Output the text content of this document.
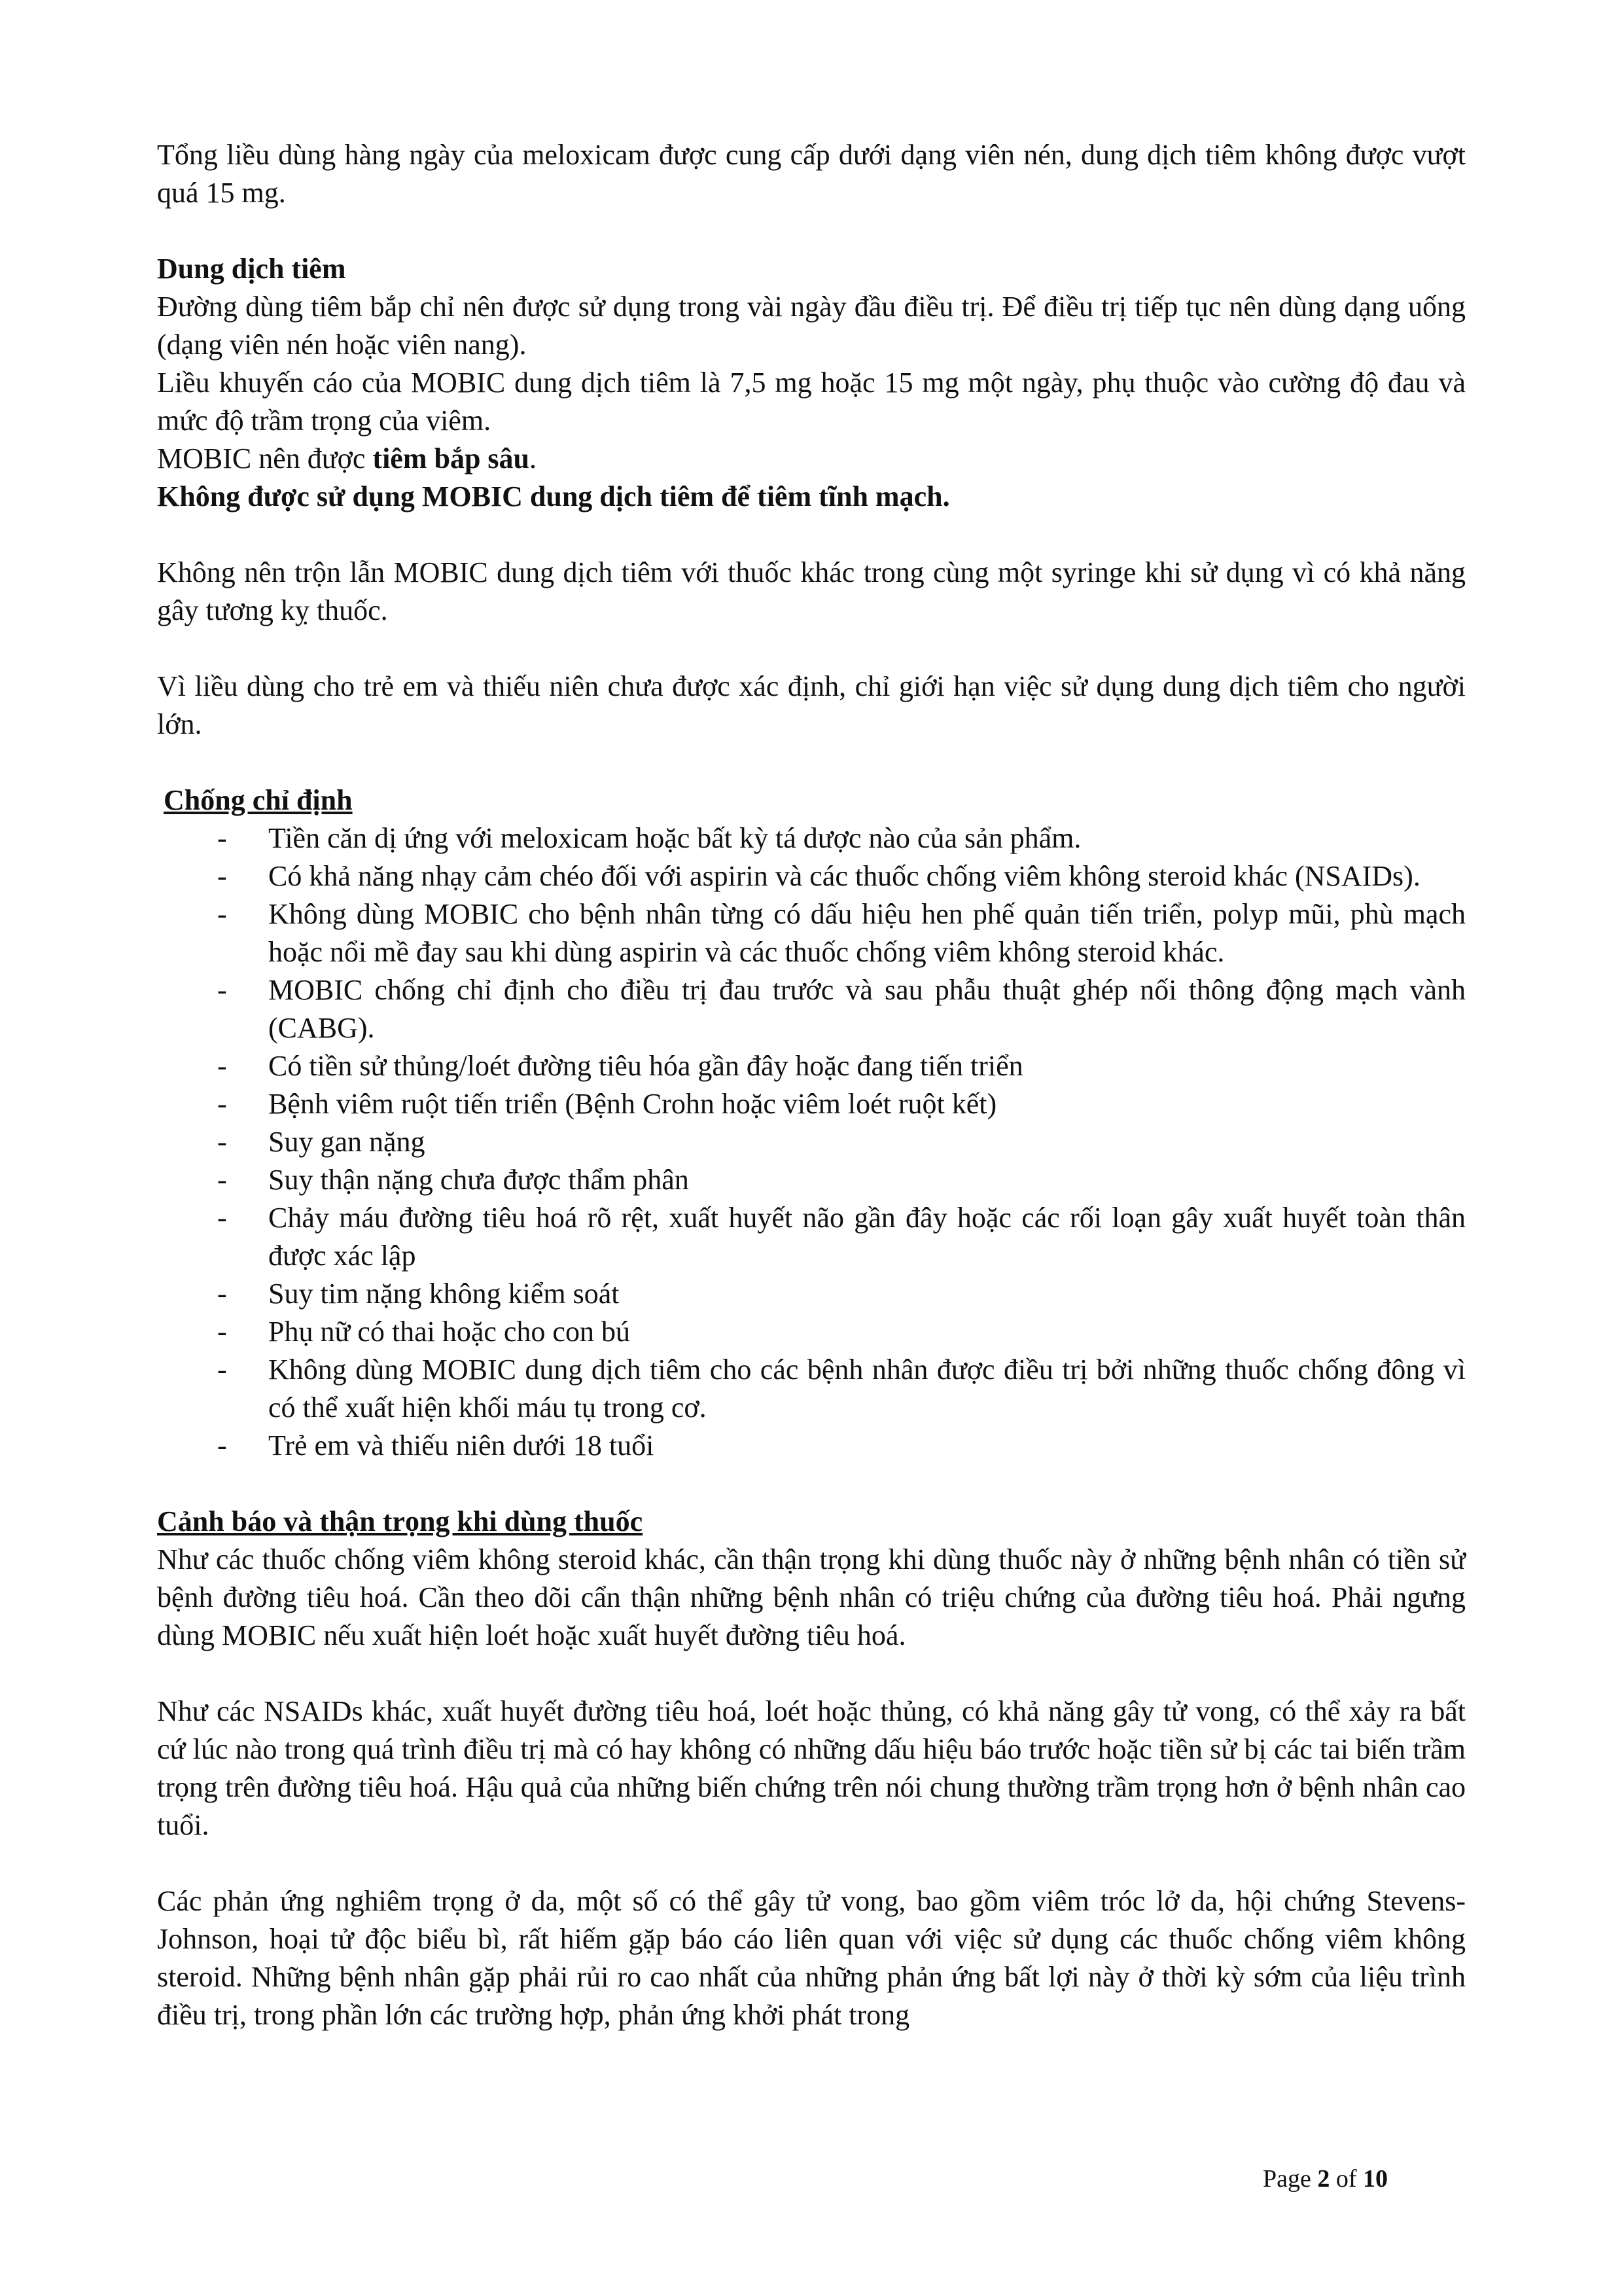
Tổng liều dùng hàng ngày của meloxicam được cung cấp dưới dạng viên nén, dung dịch tiêm không được vượt quá 15 mg.

Dung dịch tiêm

Đường dùng tiêm bắp chỉ nên được sử dụng trong vài ngày đầu điều trị. Để điều trị tiếp tục nên dùng dạng uống (dạng viên nén hoặc viên nang).

Liều khuyến cáo của MOBIC dung dịch tiêm là 7,5 mg hoặc 15 mg một ngày, phụ thuộc vào cường độ đau và mức độ trầm trọng của viêm.

MOBIC nên được tiêm bắp sâu.

Không được sử dụng MOBIC dung dịch tiêm để tiêm tĩnh mạch.

Không nên trộn lẫn MOBIC dung dịch tiêm với thuốc khác trong cùng một syringe khi sử dụng vì có khả năng gây tương kỵ thuốc.

Vì liều dùng cho trẻ em và thiếu niên chưa được xác định, chỉ giới hạn việc sử dụng dung dịch tiêm cho người lớn.

Chống chỉ định

- Tiền căn dị ứng với meloxicam hoặc bất kỳ tá dược nào của sản phẩm.
- Có khả năng nhạy cảm chéo đối với aspirin và các thuốc chống viêm không steroid khác (NSAIDs).
- Không dùng MOBIC cho bệnh nhân từng có dấu hiệu hen phế quản tiến triển, polyp mũi, phù mạch hoặc nổi mề đay sau khi dùng aspirin và các thuốc chống viêm không steroid khác.
- MOBIC chống chỉ định cho điều trị đau trước và sau phẫu thuật ghép nối thông động mạch vành (CABG).
- Có tiền sử thủng/loét đường tiêu hóa gần đây hoặc đang tiến triển
- Bệnh viêm ruột tiến triển (Bệnh Crohn hoặc viêm loét ruột kết)
- Suy gan nặng
- Suy thận nặng chưa được thẩm phân
- Chảy máu đường tiêu hoá rõ rệt, xuất huyết não gần đây hoặc các rối loạn gây xuất huyết toàn thân được xác lập
- Suy tim nặng không kiểm soát
- Phụ nữ có thai hoặc cho con bú
- Không dùng MOBIC dung dịch tiêm cho các bệnh nhân được điều trị bởi những thuốc chống đông vì có thể xuất hiện khối máu tụ trong cơ.
- Trẻ em và thiếu niên dưới 18 tuổi

Cảnh báo và thận trọng khi dùng thuốc

Như các thuốc chống viêm không steroid khác, cần thận trọng khi dùng thuốc này ở những bệnh nhân có tiền sử bệnh đường tiêu hoá. Cần theo dõi cẩn thận những bệnh nhân có triệu chứng của đường tiêu hoá. Phải ngưng dùng MOBIC nếu xuất hiện loét hoặc xuất huyết đường tiêu hoá.

Như các NSAIDs khác, xuất huyết đường tiêu hoá, loét hoặc thủng, có khả năng gây tử vong, có thể xảy ra bất cứ lúc nào trong quá trình điều trị mà có hay không có những dấu hiệu báo trước hoặc tiền sử bị các tai biến trầm trọng trên đường tiêu hoá. Hậu quả của những biến chứng trên nói chung thường trầm trọng hơn ở bệnh nhân cao tuổi.

Các phản ứng nghiêm trọng ở da, một số có thể gây tử vong, bao gồm viêm tróc lở da, hội chứng Stevens-Johnson, hoại tử độc biểu bì, rất hiếm gặp báo cáo liên quan với việc sử dụng các thuốc chống viêm không steroid. Những bệnh nhân gặp phải rủi ro cao nhất của những phản ứng bất lợi này ở thời kỳ sớm của liệu trình điều trị, trong phần lớn các trường hợp, phản ứng khởi phát trong

Page 2 of 10
